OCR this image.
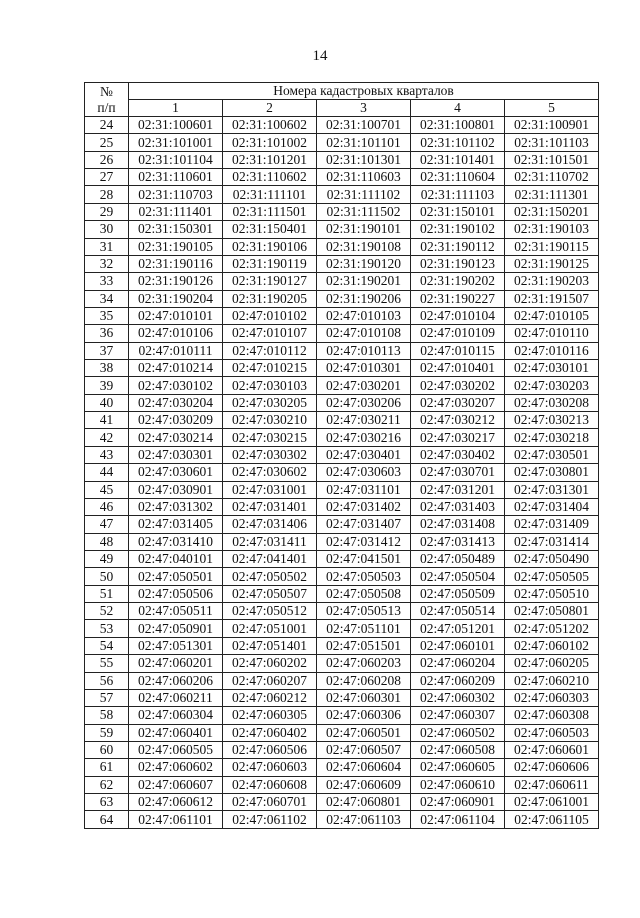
14
№
п/п	Номера кадастровых кварталов				
	1	2	3	4	5
24	02:31:100601	02:31:100602	02:31:100701	02:31:100801	02:31:100901
25	02:31:101001	02:31:101002	02:31:101101	02:31:101102	02:31:101103
26	02:31:101104	02:31:101201	02:31:101301	02:31:101401	02:31:101501
27	02:31:110601	02:31:110602	02:31:110603	02:31:110604	02:31:110702
28	02:31:110703	02:31:111101	02:31:111102	02:31:111103	02:31:111301
29	02:31:111401	02:31:111501	02:31:111502	02:31:150101	02:31:150201
30	02:31:150301	02:31:150401	02:31:190101	02:31:190102	02:31:190103
31	02:31:190105	02:31:190106	02:31:190108	02:31:190112	02:31:190115
32	02:31:190116	02:31:190119	02:31:190120	02:31:190123	02:31:190125
33	02:31:190126	02:31:190127	02:31:190201	02:31:190202	02:31:190203
34	02:31:190204	02:31:190205	02:31:190206	02:31:190227	02:31:191507
35	02:47:010101	02:47:010102	02:47:010103	02:47:010104	02:47:010105
36	02:47:010106	02:47:010107	02:47:010108	02:47:010109	02:47:010110
37	02:47:010111	02:47:010112	02:47:010113	02:47:010115	02:47:010116
38	02:47:010214	02:47:010215	02:47:010301	02:47:010401	02:47:030101
39	02:47:030102	02:47:030103	02:47:030201	02:47:030202	02:47:030203
40	02:47:030204	02:47:030205	02:47:030206	02:47:030207	02:47:030208
41	02:47:030209	02:47:030210	02:47:030211	02:47:030212	02:47:030213
42	02:47:030214	02:47:030215	02:47:030216	02:47:030217	02:47:030218
43	02:47:030301	02:47:030302	02:47:030401	02:47:030402	02:47:030501
44	02:47:030601	02:47:030602	02:47:030603	02:47:030701	02:47:030801
45	02:47:030901	02:47:031001	02:47:031101	02:47:031201	02:47:031301
46	02:47:031302	02:47:031401	02:47:031402	02:47:031403	02:47:031404
47	02:47:031405	02:47:031406	02:47:031407	02:47:031408	02:47:031409
48	02:47:031410	02:47:031411	02:47:031412	02:47:031413	02:47:031414
49	02:47:040101	02:47:041401	02:47:041501	02:47:050489	02:47:050490
50	02:47:050501	02:47:050502	02:47:050503	02:47:050504	02:47:050505
51	02:47:050506	02:47:050507	02:47:050508	02:47:050509	02:47:050510
52	02:47:050511	02:47:050512	02:47:050513	02:47:050514	02:47:050801
53	02:47:050901	02:47:051001	02:47:051101	02:47:051201	02:47:051202
54	02:47:051301	02:47:051401	02:47:051501	02:47:060101	02:47:060102
55	02:47:060201	02:47:060202	02:47:060203	02:47:060204	02:47:060205
56	02:47:060206	02:47:060207	02:47:060208	02:47:060209	02:47:060210
57	02:47:060211	02:47:060212	02:47:060301	02:47:060302	02:47:060303
58	02:47:060304	02:47:060305	02:47:060306	02:47:060307	02:47:060308
59	02:47:060401	02:47:060402	02:47:060501	02:47:060502	02:47:060503
60	02:47:060505	02:47:060506	02:47:060507	02:47:060508	02:47:060601
61	02:47:060602	02:47:060603	02:47:060604	02:47:060605	02:47:060606
62	02:47:060607	02:47:060608	02:47:060609	02:47:060610	02:47:060611
63	02:47:060612	02:47:060701	02:47:060801	02:47:060901	02:47:061001
64	02:47:061101	02:47:061102	02:47:061103	02:47:061104	02:47:061105
